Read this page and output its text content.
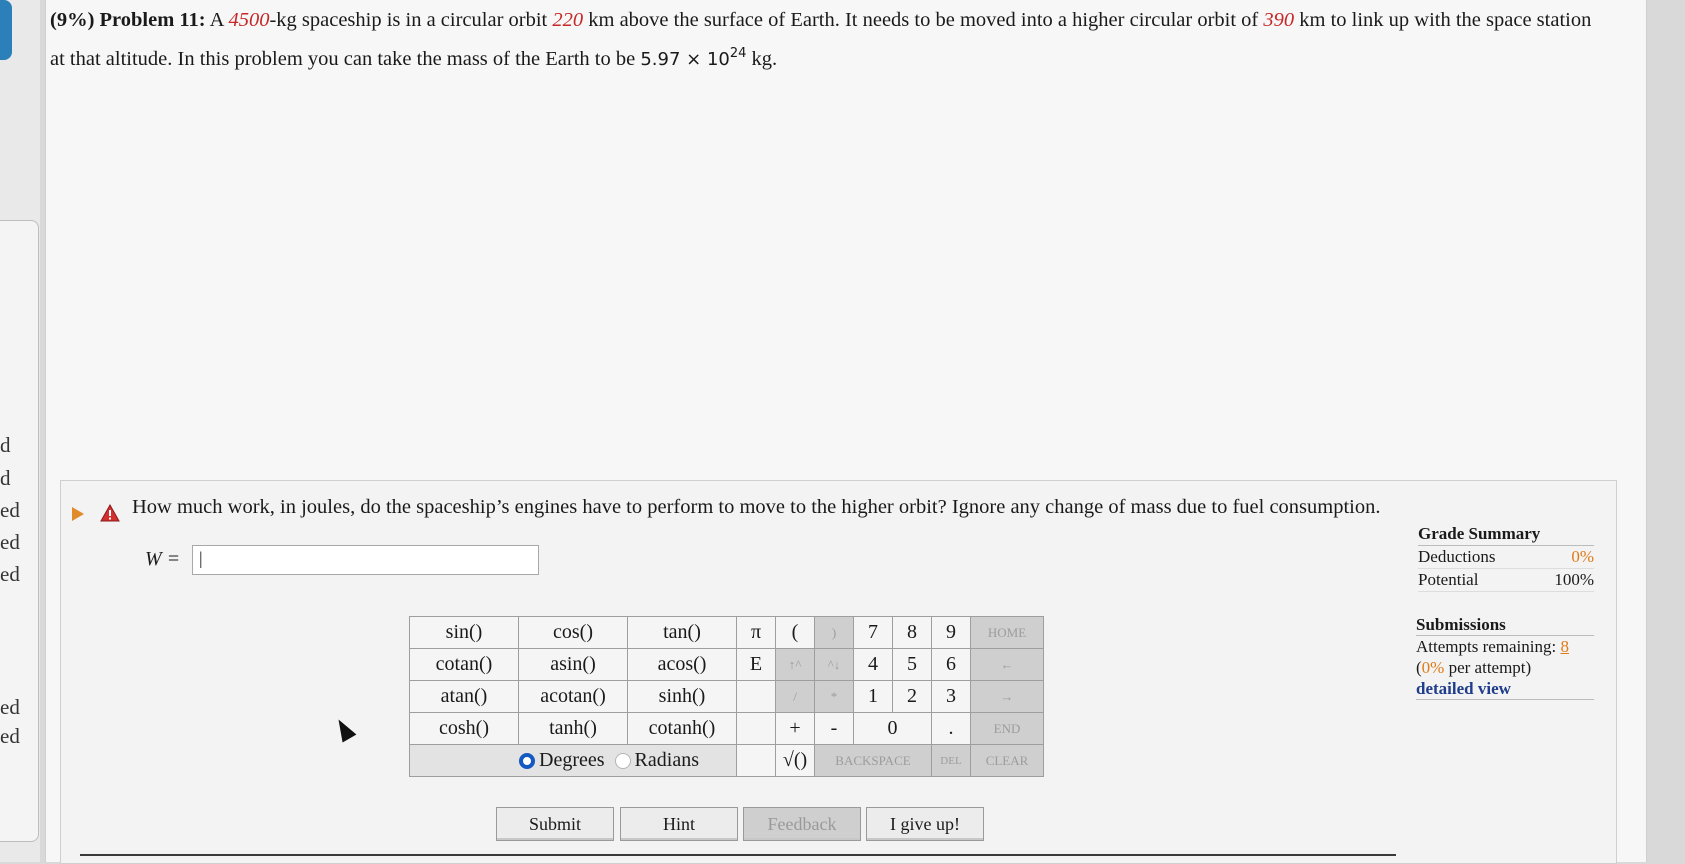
d
d
ed
ed
ed
ed
ed
(9%) Problem 11: A 4500-kg spaceship is in a circular orbit 220 km above the surface of Earth. It needs to be moved into a higher circular orbit of 390 km to link up with the space station at that altitude. In this problem you can take the mass of the Earth to be $5.97 \times 10^{24}$ kg.
How much work, in joules, do the spaceship’s engines have to perform to move to the higher orbit? Ignore any change of mass due to fuel consumption.
W =	|
Grade Summary
Deductions	0%
Potential	100%
Submissions
Attempts remaining: 8
(0% per attempt)
detailed view
sin()	cos()	tan()	π	(	)	7	8	9	HOME
cotan()	asin()	acos()	E	↑^	^↓	4	5	6	←
atan()	acotan()	sinh()		/	*	1	2	3	→
cosh()	tanh()	cotanh()		+	-	0		.	END
Degrees Radians				√()	BACKSPACE			DEL	CLEAR
Submit	Hint	Feedback	I give up!
